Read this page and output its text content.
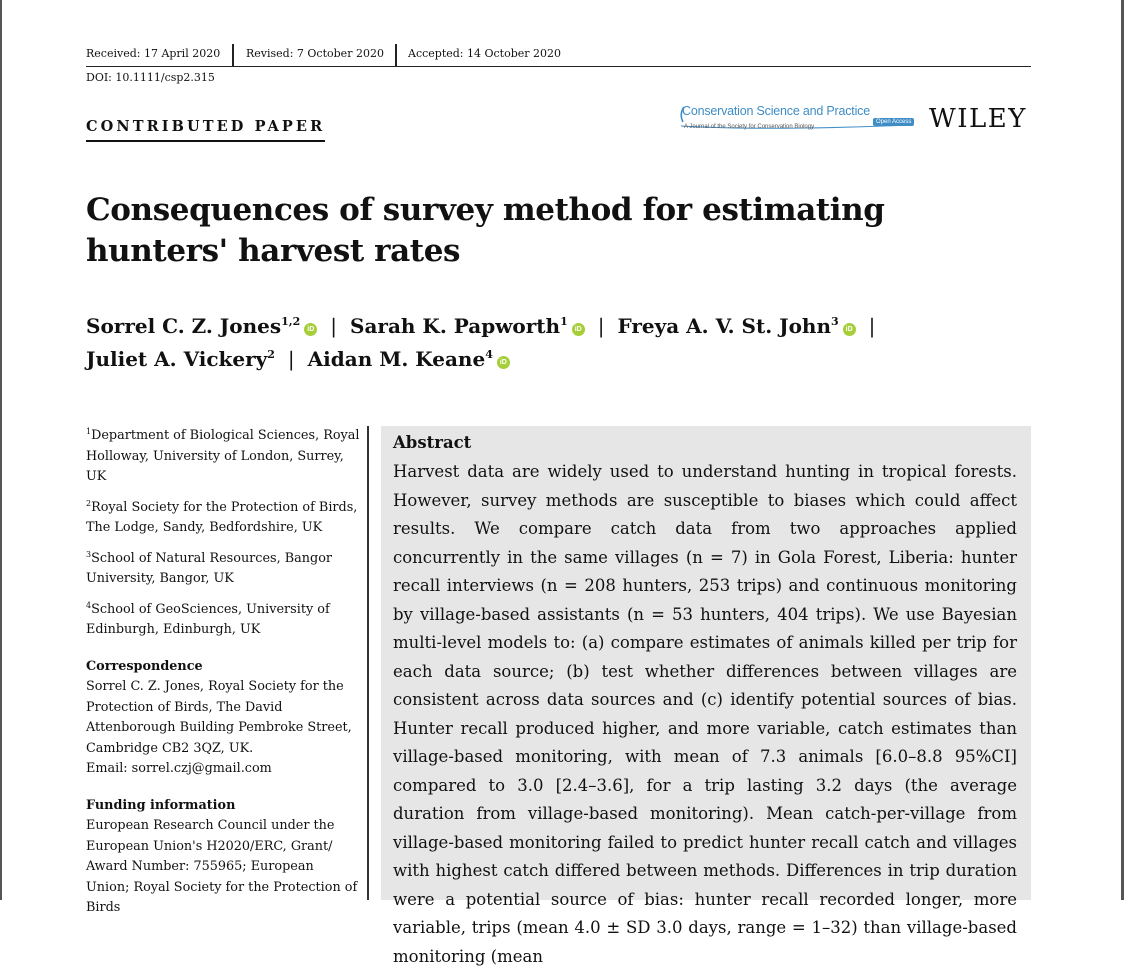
Received: 17 April 2020 Revised: 7 October 2020 Accepted: 14 October 2020
DOI: 10.1111/csp2.315
CONTRIBUTED PAPER
Conservation Science and Practice
A Journal of the Society for Conservation Biology
Open Access WILEY
Consequences of survey method for estimating hunters' harvest rates
Sorrel C. Z. Jones$^{1,2}$iD | Sarah K. Papworth$^1$iD | Freya A. V. St. John$^3$iD |
Juliet A. Vickery$^2$ | Aidan M. Keane$^4$iD

$^1$Department of Biological Sciences, Royal Holloway, University of London, Surrey, UK

$^2$Royal Society for the Protection of Birds, The Lodge, Sandy, Bedfordshire, UK

$^3$School of Natural Resources, Bangor University, Bangor, UK

$^4$School of GeoSciences, University of Edinburgh, Edinburgh, UK

Correspondence
Sorrel C. Z. Jones, Royal Society for the Protection of Birds, The David Attenborough Building Pembroke Street, Cambridge CB2 3QZ, UK.
Email: sorrel.czj@gmail.com
Funding information
European Research Council under the European Union's H2020/ERC, Grant/ Award Number: 755965; European Union; Royal Society for the Protection of Birds
Abstract

Harvest data are widely used to understand hunting in tropical forests. However, survey methods are susceptible to biases which could affect results. We compare catch data from two approaches applied concurrently in the same villages (n = 7) in Gola Forest, Liberia: hunter recall interviews (n = 208 hunters, 253 trips) and continuous monitoring by village-based assistants (n = 53 hunters, 404 trips). We use Bayesian multi-level models to: (a) compare estimates of animals killed per trip for each data source; (b) test whether differences between villages are consistent across data sources and (c) identify potential sources of bias. Hunter recall produced higher, and more variable, catch estimates than village-based monitoring, with mean of 7.3 animals [6.0–8.8 95%CI] compared to 3.0 [2.4–3.6], for a trip lasting 3.2 days (the average duration from village-based monitoring). Mean catch-per-village from village-based monitoring failed to predict hunter recall catch and villages with highest catch differed between methods. Differences in trip duration were a potential source of bias: hunter recall recorded longer, more variable, trips (mean 4.0 ± SD 3.0 days, range = 1–32) than village-based monitoring (mean
